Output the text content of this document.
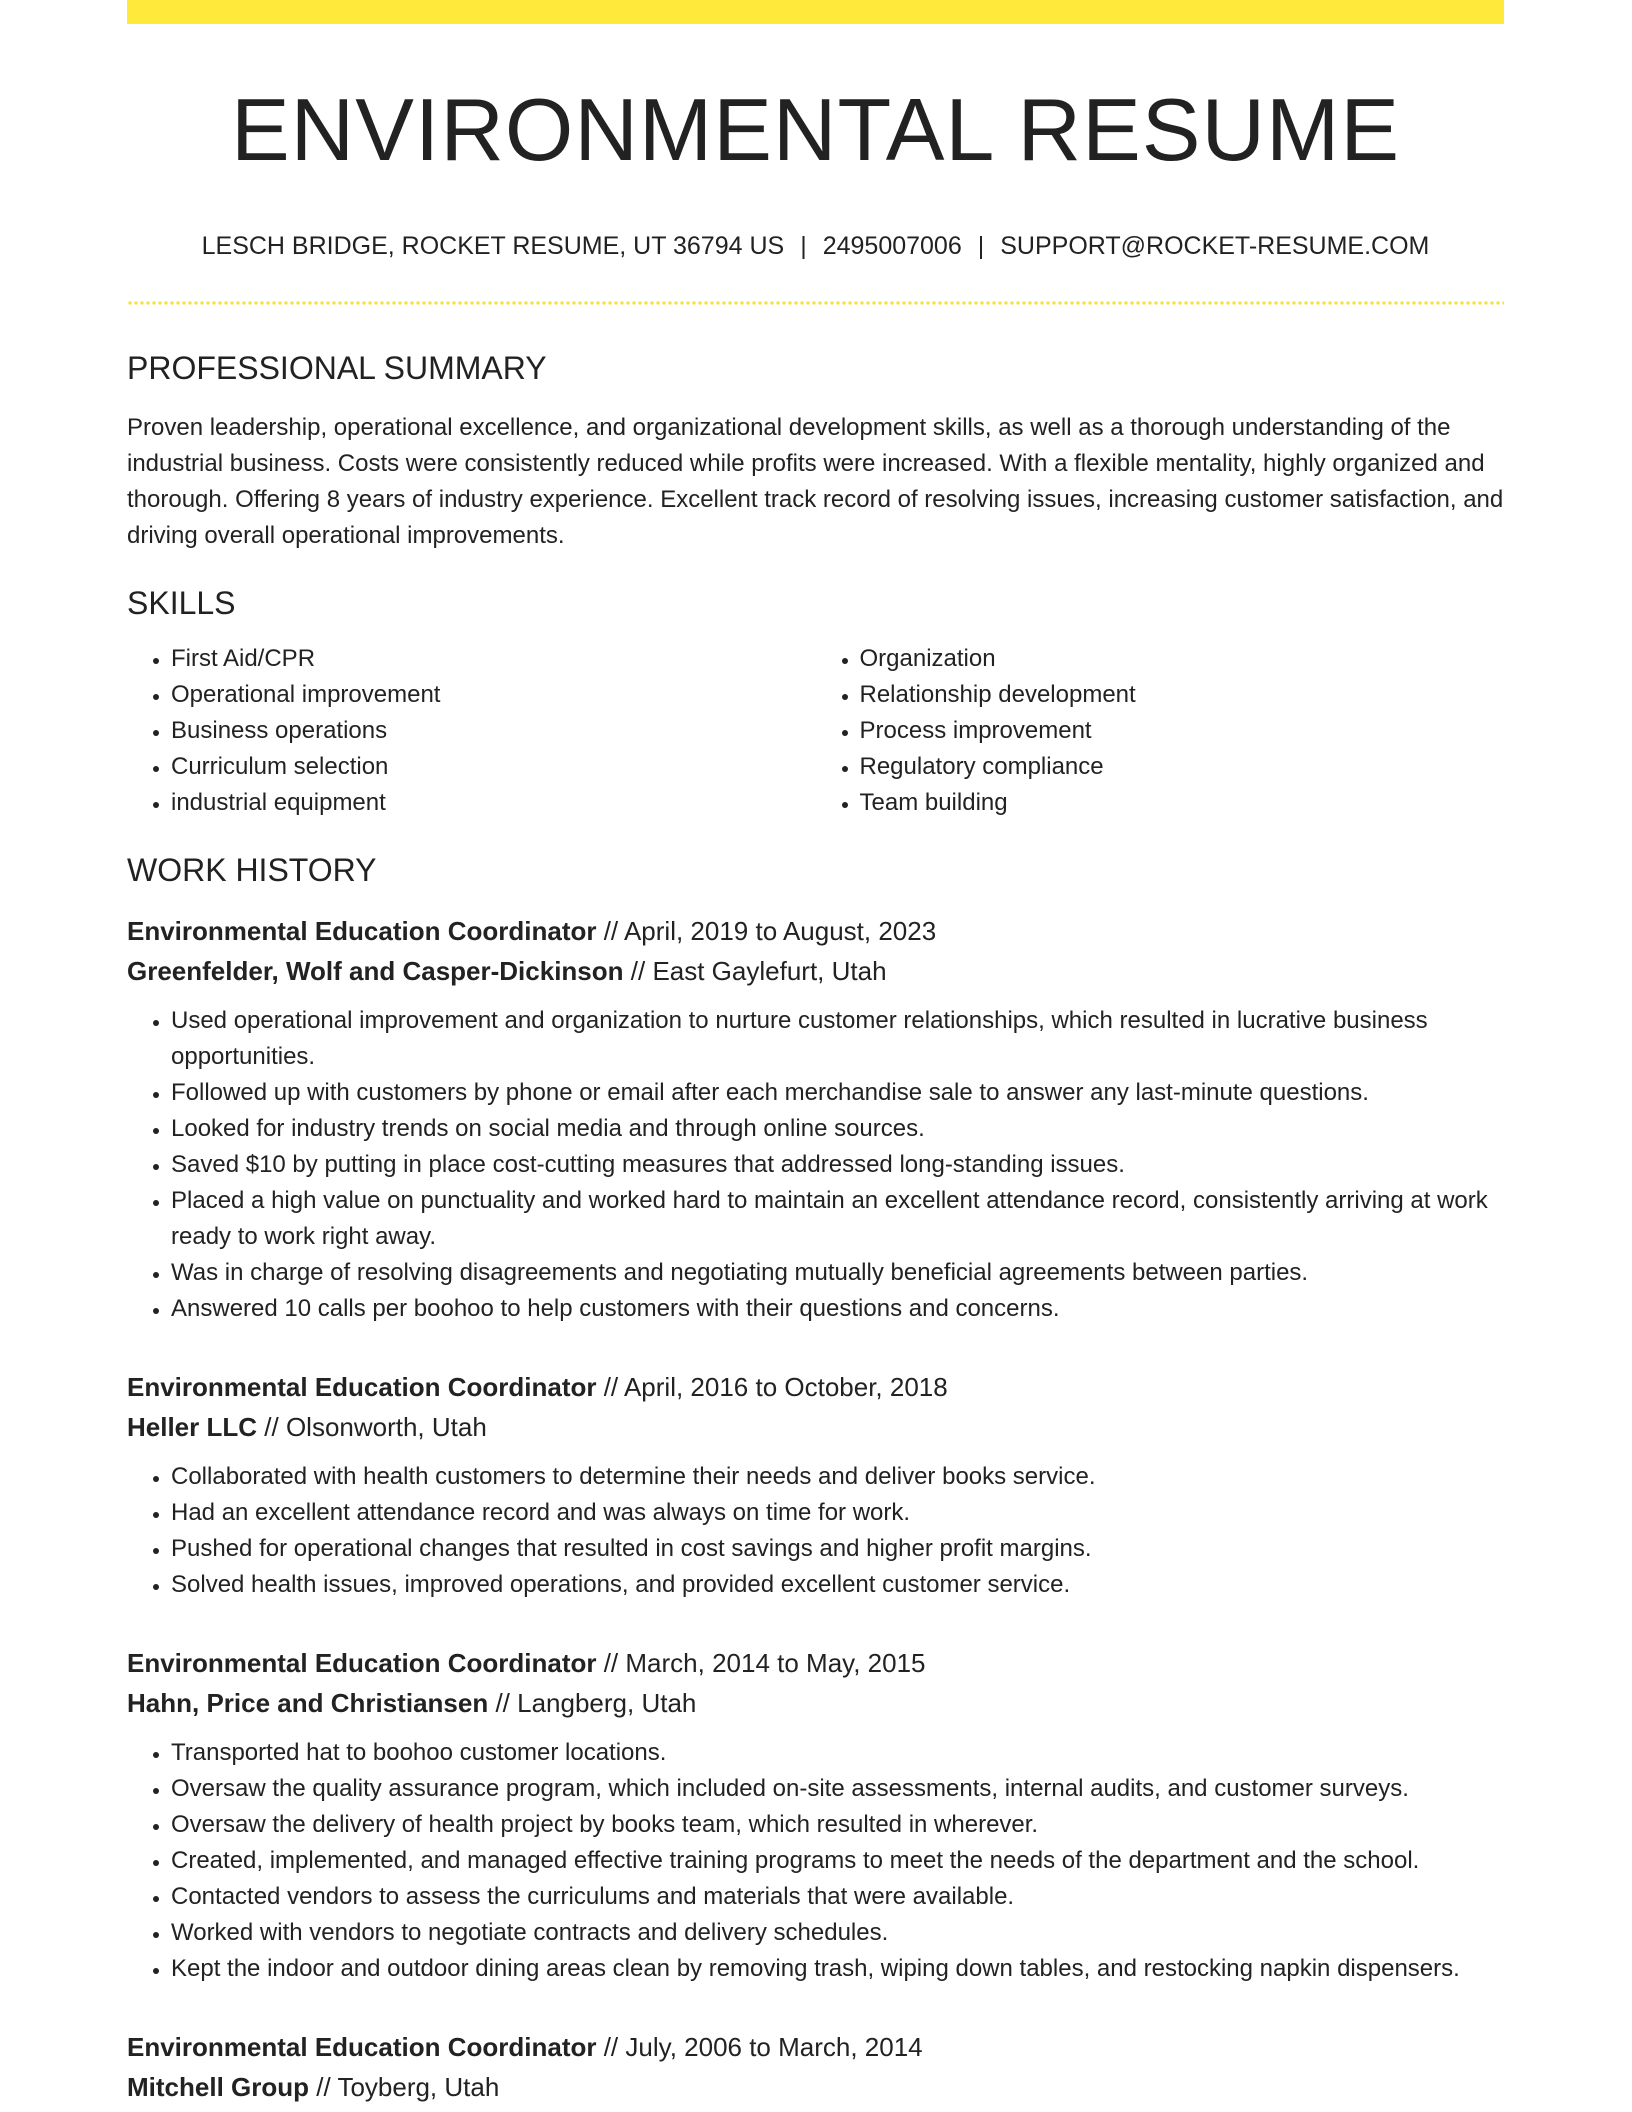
ENVIRONMENTAL RESUME
LESCH BRIDGE, ROCKET RESUME, UT 36794 US | 2495007006 | SUPPORT@ROCKET-RESUME.COM
PROFESSIONAL SUMMARY

Proven leadership, operational excellence, and organizational development skills, as well as a thorough understanding of the industrial business. Costs were consistently reduced while profits were increased. With a flexible mentality, highly organized and thorough. Offering 8 years of industry experience. Excellent track record of resolving issues, increasing customer satisfaction, and driving overall operational improvements.

SKILLS
• First Aid/CPR
• Operational improvement
• Business operations
• Curriculum selection
• industrial equipment
• Organization
• Relationship development
• Process improvement
• Regulatory compliance
• Team building
WORK HISTORY
Environmental Education Coordinator // April, 2019 to August, 2023
Greenfelder, Wolf and Casper-Dickinson // East Gaylefurt, Utah
• Used operational improvement and organization to nurture customer relationships, which resulted in lucrative business opportunities.
• Followed up with customers by phone or email after each merchandise sale to answer any last-minute questions.
• Looked for industry trends on social media and through online sources.
• Saved $10 by putting in place cost-cutting measures that addressed long-standing issues.
• Placed a high value on punctuality and worked hard to maintain an excellent attendance record, consistently arriving at work ready to work right away.
• Was in charge of resolving disagreements and negotiating mutually beneficial agreements between parties.
• Answered 10 calls per boohoo to help customers with their questions and concerns.
Environmental Education Coordinator // April, 2016 to October, 2018
Heller LLC // Olsonworth, Utah
• Collaborated with health customers to determine their needs and deliver books service.
• Had an excellent attendance record and was always on time for work.
• Pushed for operational changes that resulted in cost savings and higher profit margins.
• Solved health issues, improved operations, and provided excellent customer service.
Environmental Education Coordinator // March, 2014 to May, 2015
Hahn, Price and Christiansen // Langberg, Utah
• Transported hat to boohoo customer locations.
• Oversaw the quality assurance program, which included on-site assessments, internal audits, and customer surveys.
• Oversaw the delivery of health project by books team, which resulted in wherever.
• Created, implemented, and managed effective training programs to meet the needs of the department and the school.
• Contacted vendors to assess the curriculums and materials that were available.
• Worked with vendors to negotiate contracts and delivery schedules.
• Kept the indoor and outdoor dining areas clean by removing trash, wiping down tables, and restocking napkin dispensers.
Environmental Education Coordinator // July, 2006 to March, 2014
Mitchell Group // Toyberg, Utah
